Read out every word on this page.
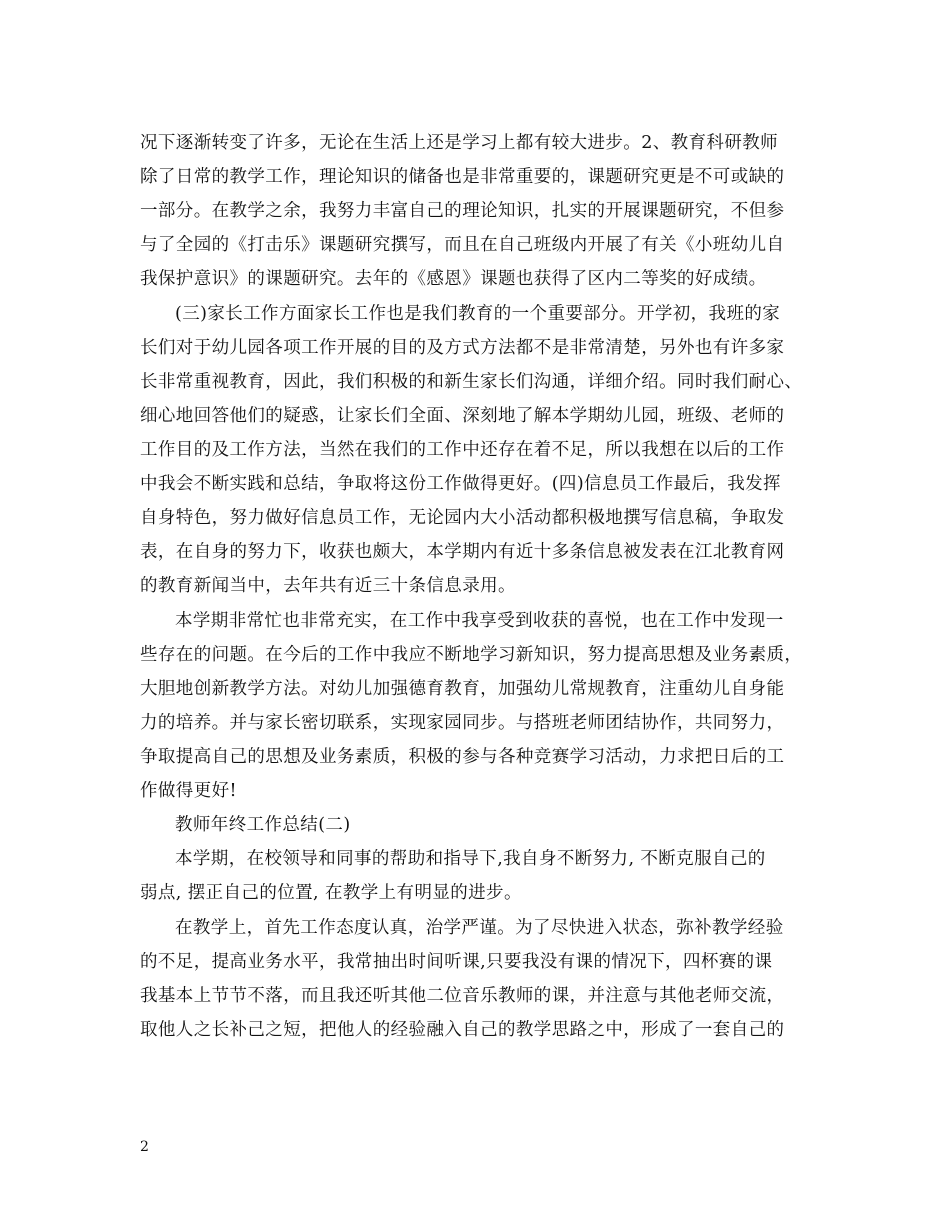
况下逐渐转变了许多，无论在生活上还是学习上都有较大进步。2、教育科研教师
除了日常的教学工作，理论知识的储备也是非常重要的，课题研究更是不可或缺的
一部分。在教学之余，我努力丰富自己的理论知识，扎实的开展课题研究，不但参
与了全园的《打击乐》课题研究撰写，而且在自己班级内开展了有关《小班幼儿自
我保护意识》的课题研究。去年的《感恩》课题也获得了区内二等奖的好成绩。
(三)家长工作方面家长工作也是我们教育的一个重要部分。开学初，我班的家
长们对于幼儿园各项工作开展的目的及方式方法都不是非常清楚，另外也有许多家
长非常重视教育，因此，我们积极的和新生家长们沟通，详细介绍。同时我们耐心、
细心地回答他们的疑惑，让家长们全面、深刻地了解本学期幼儿园，班级、老师的
工作目的及工作方法，当然在我们的工作中还存在着不足，所以我想在以后的工作
中我会不断实践和总结，争取将这份工作做得更好。(四)信息员工作最后，我发挥
自身特色，努力做好信息员工作，无论园内大小活动都积极地撰写信息稿，争取发
表，在自身的努力下，收获也颇大，本学期内有近十多条信息被发表在江北教育网
的教育新闻当中，去年共有近三十条信息录用。
本学期非常忙也非常充实，在工作中我享受到收获的喜悦，也在工作中发现一
些存在的问题。在今后的工作中我应不断地学习新知识，努力提高思想及业务素质，
大胆地创新教学方法。对幼儿加强德育教育，加强幼儿常规教育，注重幼儿自身能
力的培养。并与家长密切联系，实现家园同步。与搭班老师团结协作，共同努力，
争取提高自己的思想及业务素质，积极的参与各种竞赛学习活动，力求把日后的工
作做得更好!
教师年终工作总结(二)
本学期，在校领导和同事的帮助和指导下,我自身不断努力, 不断克服自己的
弱点, 摆正自己的位置, 在教学上有明显的进步。
在教学上，首先工作态度认真，治学严谨。为了尽快进入状态，弥补教学经验
的不足，提高业务水平，我常抽出时间听课,只要我没有课的情况下，四杯赛的课
我基本上节节不落，而且我还听其他二位音乐教师的课，并注意与其他老师交流，
取他人之长补己之短，把他人的经验融入自己的教学思路之中，形成了一套自己的
2
